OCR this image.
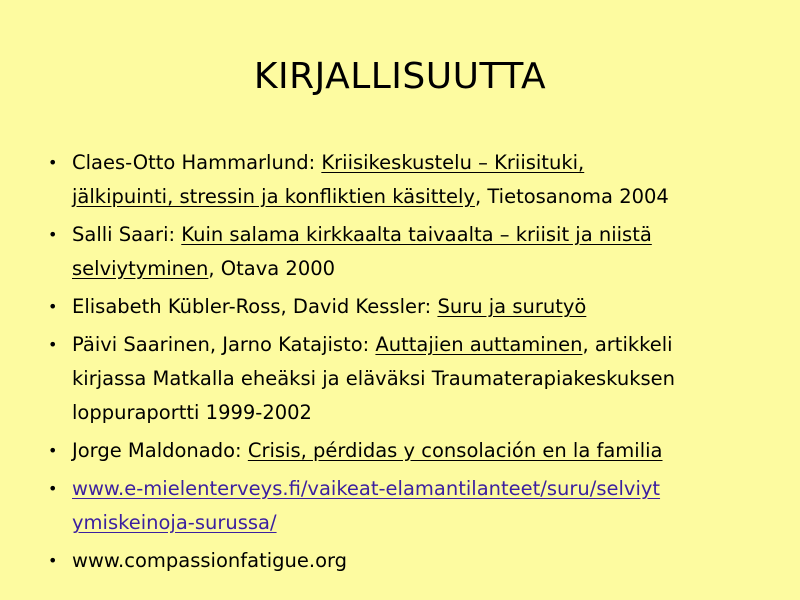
KIRJALLISUUTTA
• Claes-Otto Hammarlund: Kriisikeskustelu – Kriisituki,
jälkipuinti, stressin ja konfliktien käsittely, Tietosanoma 2004
• Salli Saari: Kuin salama kirkkaalta taivaalta – kriisit ja niistä
selviytyminen, Otava 2000
• Elisabeth Kübler-Ross, David Kessler: Suru ja surutyö
• Päivi Saarinen, Jarno Katajisto: Auttajien auttaminen, artikkeli
kirjassa Matkalla eheäksi ja eläväksi Traumaterapiakeskuksen
loppuraportti 1999-2002
• Jorge Maldonado: Crisis, pérdidas y consolación en la familia
• www.e-mielenterveys.fi/vaikeat-elamantilanteet/suru/selviyt
ymiskeinoja-surussa/
• www.compassionfatigue.org
